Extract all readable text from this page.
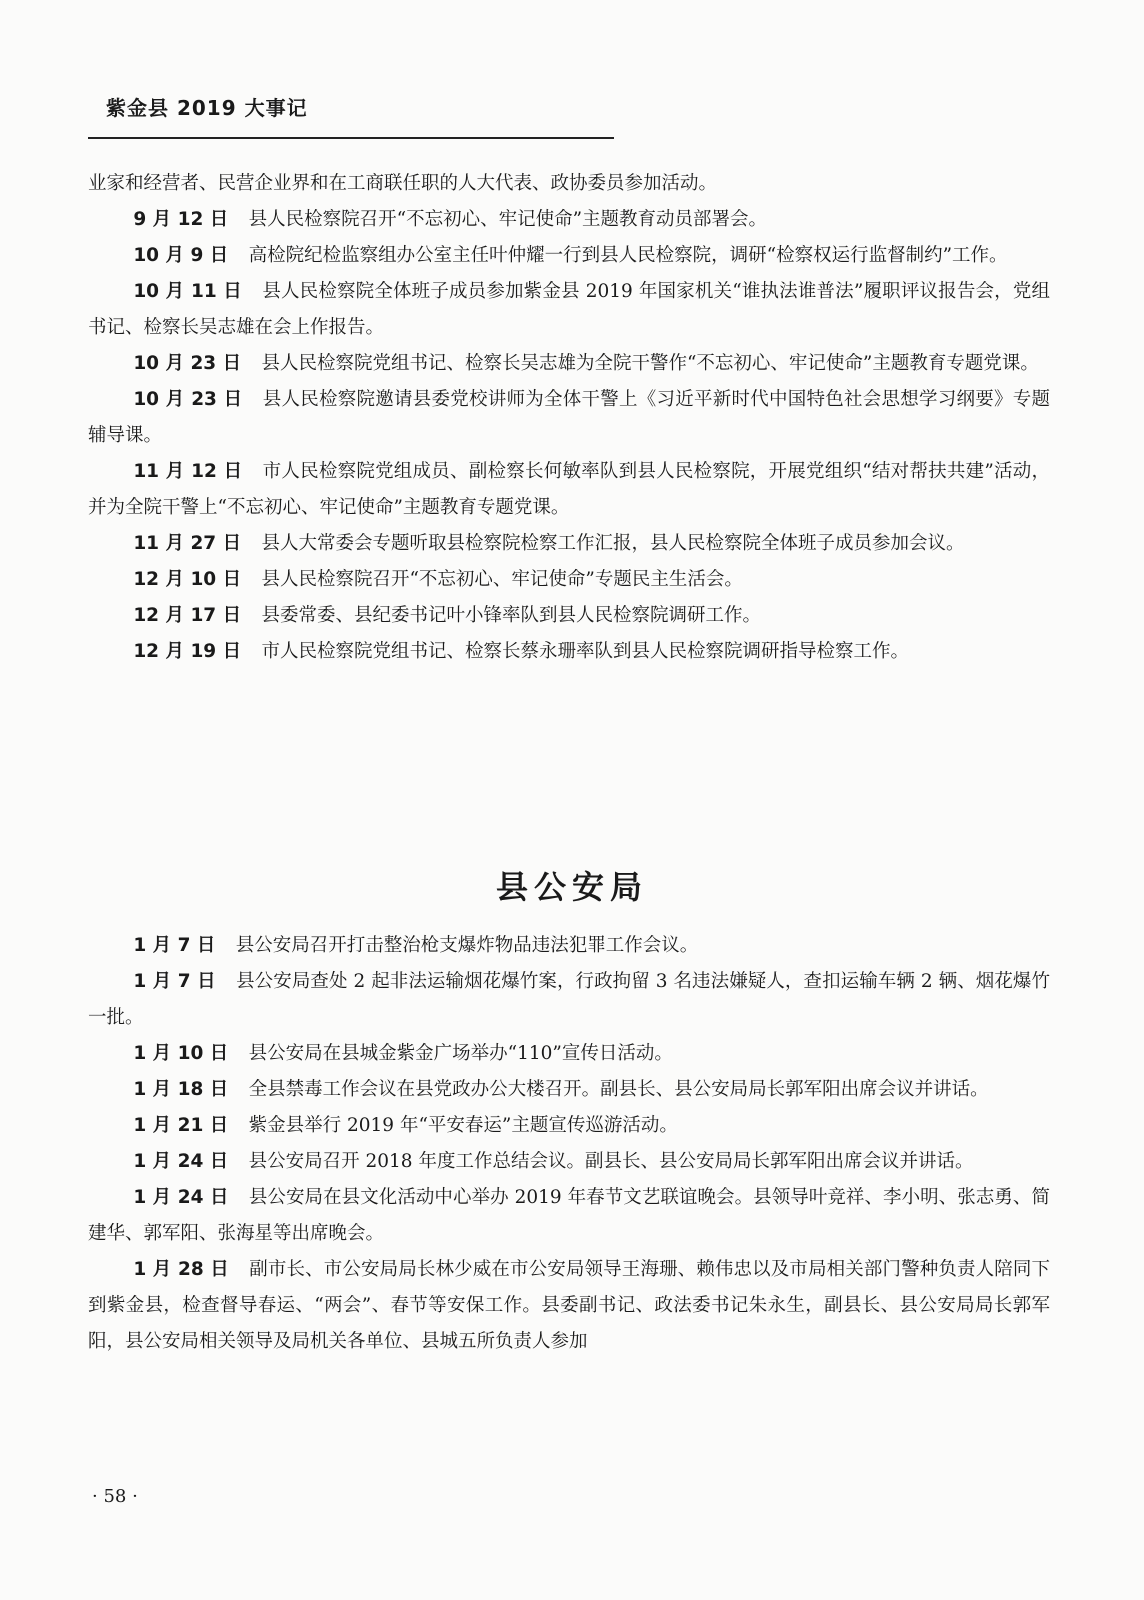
紫金县 2019 大事记

业家和经营者、民营企业界和在工商联任职的人大代表、政协委员参加活动。

9 月 12 日 县人民检察院召开“不忘初心、牢记使命”主题教育动员部署会。

10 月 9 日 高检院纪检监察组办公室主任叶仲耀一行到县人民检察院，调研“检察权运行监督制约”工作。

10 月 11 日 县人民检察院全体班子成员参加紫金县 2019 年国家机关“谁执法谁普法”履职评议报告会，党组书记、检察长吴志雄在会上作报告。

10 月 23 日 县人民检察院党组书记、检察长吴志雄为全院干警作“不忘初心、牢记使命”主题教育专题党课。

10 月 23 日 县人民检察院邀请县委党校讲师为全体干警上《习近平新时代中国特色社会思想学习纲要》专题辅导课。

11 月 12 日 市人民检察院党组成员、副检察长何敏率队到县人民检察院，开展党组织“结对帮扶共建”活动，并为全院干警上“不忘初心、牢记使命”主题教育专题党课。

11 月 27 日 县人大常委会专题听取县检察院检察工作汇报，县人民检察院全体班子成员参加会议。

12 月 10 日 县人民检察院召开“不忘初心、牢记使命”专题民主生活会。

12 月 17 日 县委常委、县纪委书记叶小锋率队到县人民检察院调研工作。

12 月 19 日 市人民检察院党组书记、检察长蔡永珊率队到县人民检察院调研指导检察工作。

县公安局

1 月 7 日 县公安局召开打击整治枪支爆炸物品违法犯罪工作会议。

1 月 7 日 县公安局查处 2 起非法运输烟花爆竹案，行政拘留 3 名违法嫌疑人，查扣运输车辆 2 辆、烟花爆竹一批。

1 月 10 日 县公安局在县城金紫金广场举办“110”宣传日活动。

1 月 18 日 全县禁毒工作会议在县党政办公大楼召开。副县长、县公安局局长郭军阳出席会议并讲话。

1 月 21 日 紫金县举行 2019 年“平安春运”主题宣传巡游活动。

1 月 24 日 县公安局召开 2018 年度工作总结会议。副县长、县公安局局长郭军阳出席会议并讲话。

1 月 24 日 县公安局在县文化活动中心举办 2019 年春节文艺联谊晚会。县领导叶竞祥、李小明、张志勇、简建华、郭军阳、张海星等出席晚会。

1 月 28 日 副市长、市公安局局长林少威在市公安局领导王海珊、赖伟忠以及市局相关部门警种负责人陪同下到紫金县，检查督导春运、“两会”、春节等安保工作。县委副书记、政法委书记朱永生，副县长、县公安局局长郭军阳，县公安局相关领导及局机关各单位、县城五所负责人参加

· 58 ·
